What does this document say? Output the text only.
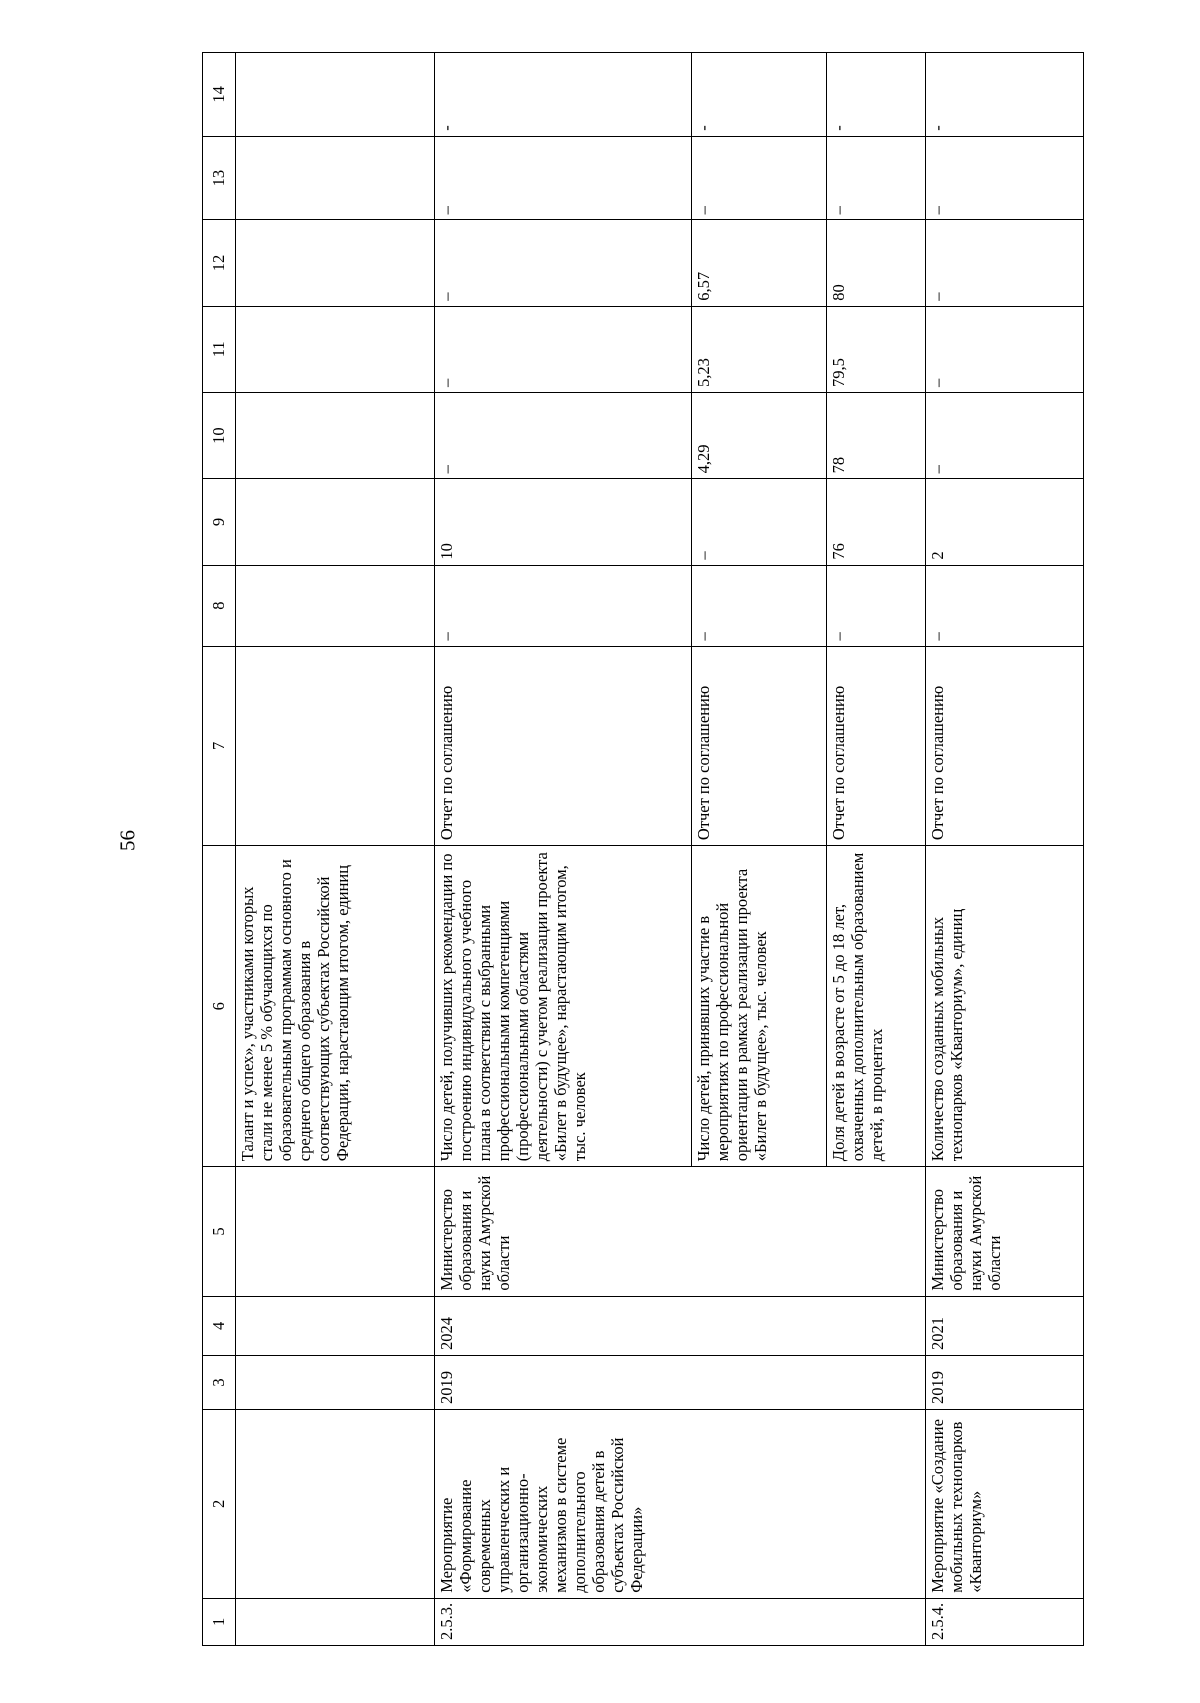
56
1	2	3	4	5	6	7	8	9	10	11	12	13	14
					Талант и успех», участниками которых стали не менее 5 % обучающихся по образовательным программам основного и среднего общего образования в соответствующих субъектах Российской Федерации, нарастающим итогом, единиц								
2.5.3.	Мероприятие «Формирование современных управленческих и организационно-экономических механизмов в системе дополнительного образования детей в субъектах Российской Федерации»	2019	2024	Министерство образования и науки Амурской области	Число детей, получивших рекомендации по построению индивидуального учебного плана в соответствии с выбранными профессиональными компетенциями (профессиональными областями деятельности) с учетом реализации проекта «Билет в будущее», нарастающим итогом, тыс. человек	Отчет по соглашению	–	10	–	–	–	–	-
					Число детей, принявших участие в мероприятиях по профессиональной ориентации в рамках реализации проекта «Билет в будущее», тыс. человек	Отчет по соглашению	–	–	4,29	5,23	6,57	–	-
					Доля детей в возрасте от 5 до 18 лет, охваченных дополнительным образованием детей, в процентах	Отчет по соглашению	–	76	78	79,5	80	–	-
2.5.4.	Мероприятие «Создание мобильных технопарков «Кванториум»	2019	2021	Министерство образования и науки Амурской области	Количество созданных мобильных технопарков «Кванториум», единиц	Отчет по соглашению	–	2	–	–	–	–	-
